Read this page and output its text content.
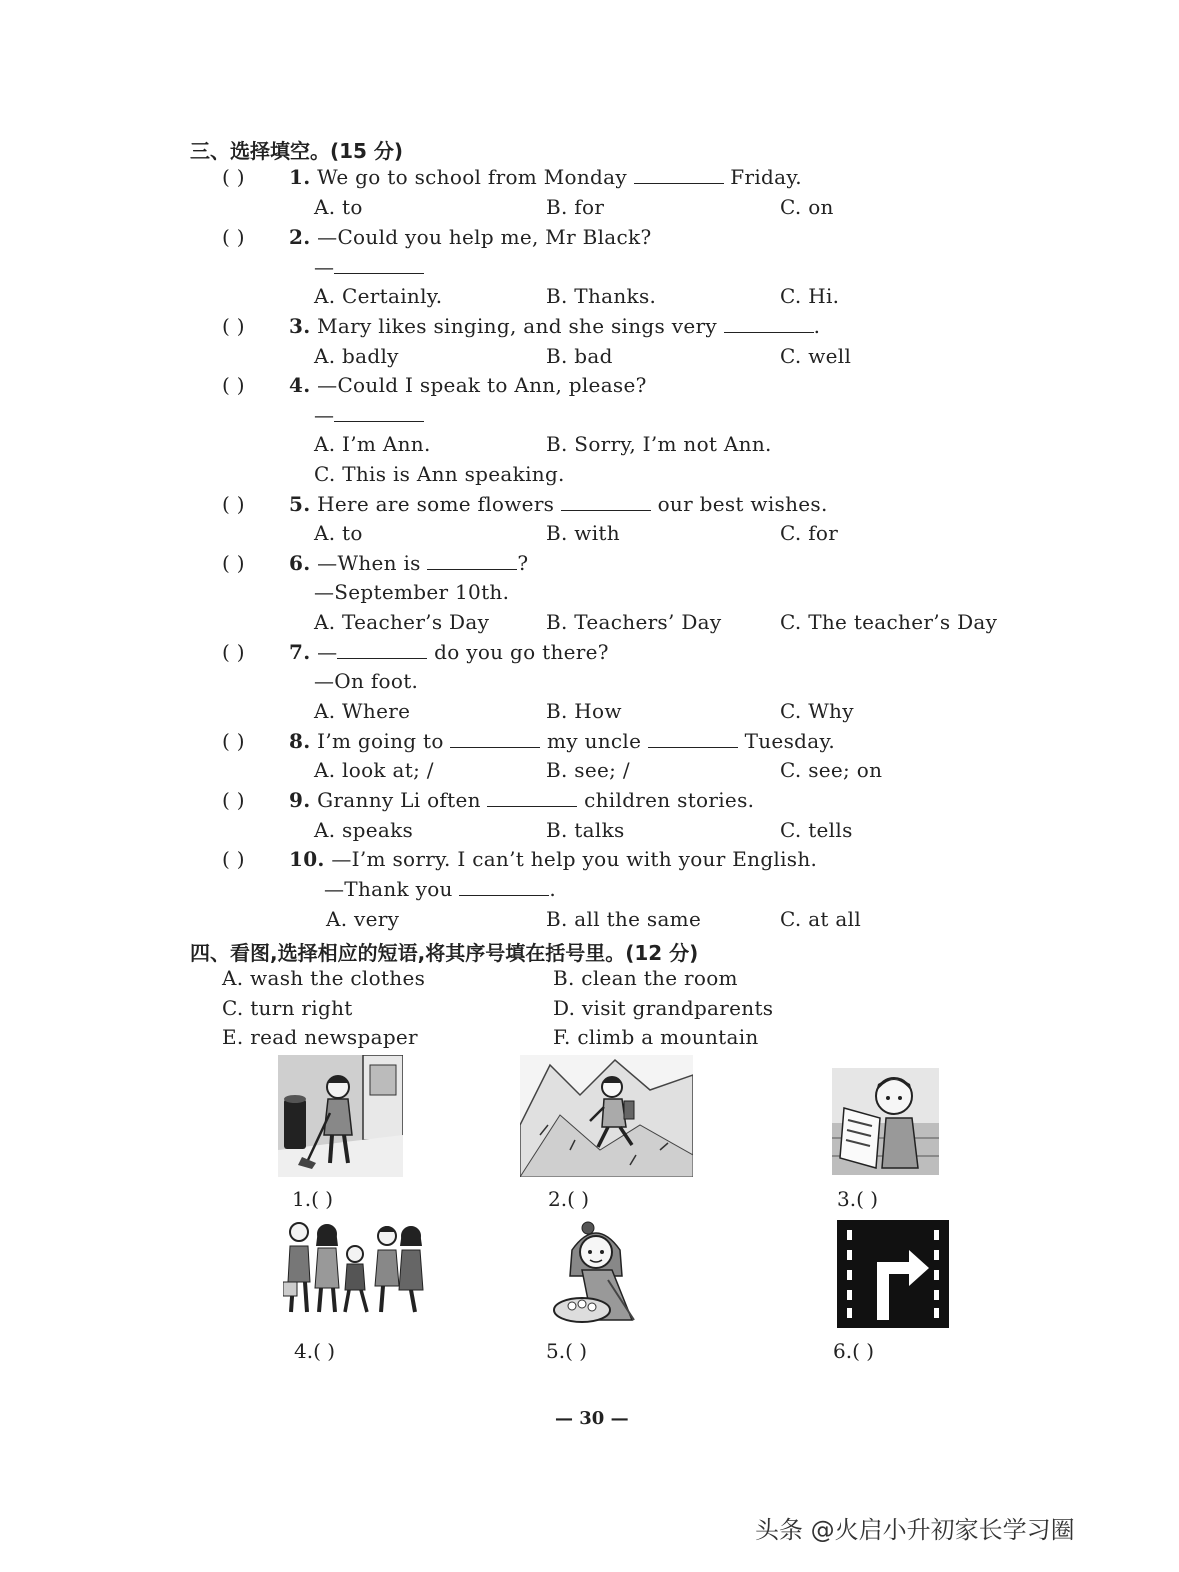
三、选择填空。(15 分)
( ) 1. We go to school from Monday	Friday.
A. to	B. for	C. on
( ) 2. —Could you help me, Mr Black?
—
A. Certainly.	B. Thanks.	C. Hi.
( ) 3. Mary likes singing, and she sings very	.
A. badly	B. bad	C. well
( ) 4. —Could I speak to Ann, please?
—
A. I’m Ann.	B. Sorry, I’m not Ann.
C. This is Ann speaking.
( ) 5. Here are some flowers	our best wishes.
A. to	B. with	C. for
( ) 6. —When is	?
—September 10th.
A. Teacher’s Day	B. Teachers’ Day	C. The teacher’s Day
( ) 7. —	do you go there?
—On foot.
A. Where	B. How	C. Why
( ) 8. I’m going to	my uncle	Tuesday.
A. look at; /	B. see; /	C. see; on
( ) 9. Granny Li often	children stories.
A. speaks	B. talks	C. tells
( ) 10. —I’m sorry. I can’t help you with your English.
—Thank you	.
A. very	B. all the same	C. at all
四、看图,选择相应的短语,将其序号填在括号里。(12 分)
A. wash the clothes	B. clean the room
C. turn right	D. visit grandparents
E. read newspaper	F. climb a mountain
1.( )	2.( )	3.( )
4.( )	5.( )	6.( )
— 30 —
头条 @火启小升初家长学习圈
